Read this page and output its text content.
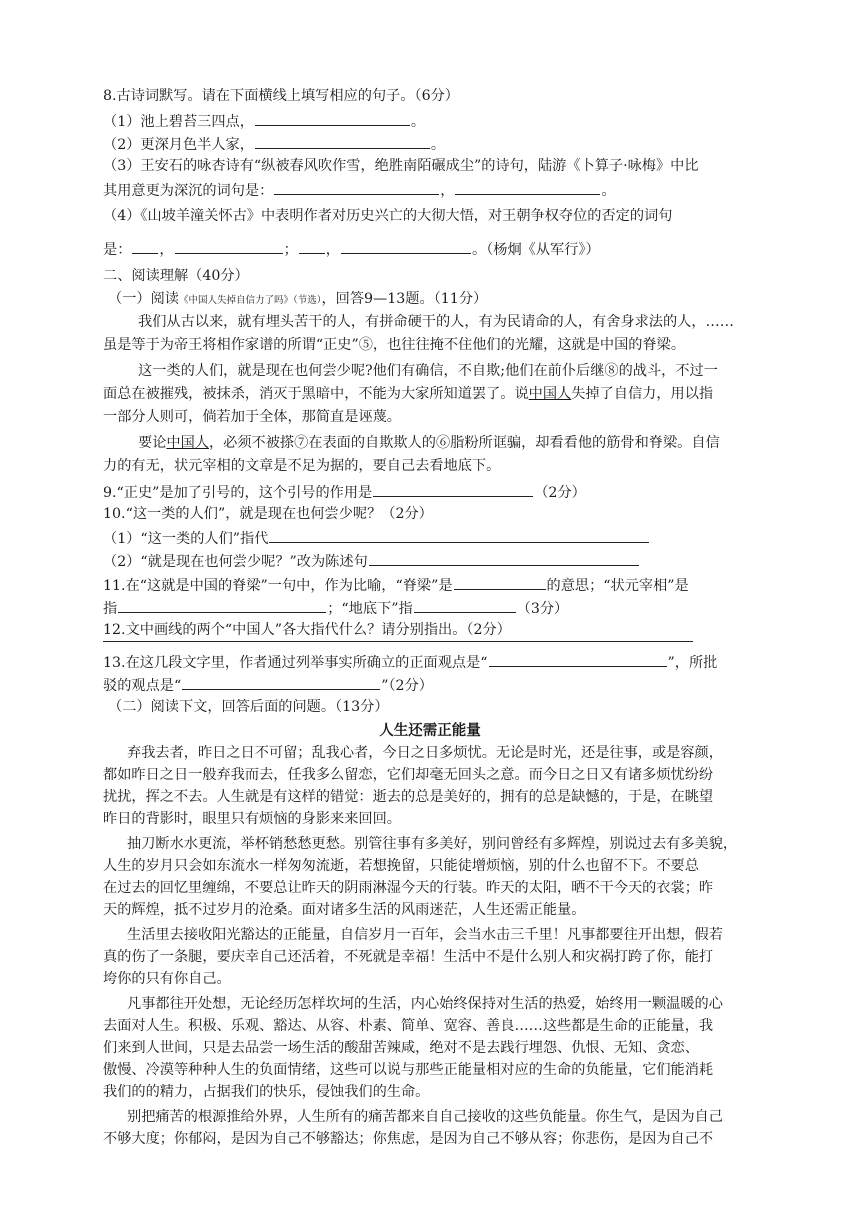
8.古诗词默写。请在下面横线上填写相应的句子。（6分）
（1）池上碧苔三四点，	。
（2）更深月色半人家，	。
（3）王安石的咏杏诗有“纵被春风吹作雪，绝胜南陌碾成尘”的诗句，陆游《卜算子·咏梅》中比
其用意更为深沉的词句是：	，	。
（4）《山坡羊潼关怀古》中表明作者对历史兴亡的大彻大悟，对王朝争权夺位的否定的词句
是： ，	； ，	。（杨炯《从军行》）
二、阅读理解（40分）
（一）阅读《中国人失掉自信力了吗》（节选），回答9—13题。（11分）
我们从古以来，就有埋头苦干的人，有拼命硬干的人，有为民请命的人，有舍身求法的人，……
虽是等于为帝王将相作家谱的所谓“正史”⑤，也往往掩不住他们的光耀，这就是中国的脊梁。
这一类的人们，就是现在也何尝少呢?他们有确信，不自欺;他们在前仆后继⑧的战斗，不过一
面总在被摧残，被抹杀，消灭于黑暗中，不能为大家所知道罢了。说中国人失掉了自信力，用以指
一部分人则可，倘若加于全体，那简直是诬蔑。
要论中国人，必须不被搽⑦在表面的自欺欺人的⑥脂粉所诓骗，却看看他的筋骨和脊梁。自信
力的有无，状元宰相的文章是不足为据的，要自己去看地底下。
9.“正史”是加了引号的，这个引号的作用是	（2分）
10.“这一类的人们”，就是现在也何尝少呢？（2分）
（1）“这一类的人们”指代
（2）“就是现在也何尝少呢？”改为陈述句
11.在“这就是中国的脊梁”一句中，作为比喻，“脊梁”是	的意思；“状元宰相”是
指	；“地底下”指	（3分）
12.文中画线的两个“中国人”各大指代什么？请分别指出。（2分）
13.在这几段文字里，作者通过列举事实所确立的正面观点是“	”，所批
驳的观点是“	”（2分）
（二）阅读下文，回答后面的问题。（13分）
人生还需正能量
弃我去者，昨日之日不可留；乱我心者，今日之日多烦忧。无论是时光，还是往事，或是容颜，
都如昨日之日一般弃我而去，任我多么留恋，它们却毫无回头之意。而今日之日又有诸多烦忧纷纷
扰扰，挥之不去。人生就是有这样的错觉：逝去的总是美好的，拥有的总是缺憾的，于是，在眺望
昨日的背影时，眼里只有烦恼的身影来来回回。
抽刀断水水更流，举杯销愁愁更愁。别管往事有多美好，别问曾经有多辉煌，别说过去有多美貌，
人生的岁月只会如东流水一样匆匆流逝，若想挽留，只能徒增烦恼，别的什么也留不下。不要总
在过去的回忆里缠绵，不要总让昨天的阴雨淋湿今天的行装。昨天的太阳，晒不干今天的衣裳；昨
天的辉煌，抵不过岁月的沧桑。面对诸多生活的风雨迷茫，人生还需正能量。
生活里去接收阳光豁达的正能量，自信岁月一百年，会当水击三千里！凡事都要往开出想，假若
真的伤了一条腿，要庆幸自己还活着，不死就是幸福！生活中不是什么别人和灾祸打跨了你，能打
垮你的只有你自己。
凡事都往开处想，无论经历怎样坎坷的生活，内心始终保持对生活的热爱，始终用一颗温暖的心
去面对人生。积极、乐观、豁达、从容、朴素、简单、宽容、善良……这些都是生命的正能量，我
们来到人世间，只是去品尝一场生活的酸甜苦辣咸，绝对不是去践行埋怨、仇恨、无知、贪恋、
傲慢、冷漠等种种人生的负面情绪，这些可以说与那些正能量相对应的生命的负能量，它们能消耗
我们的的精力，占据我们的快乐，侵蚀我们的生命。
别把痛苦的根源推给外界，人生所有的痛苦都来自自己接收的这些负能量。你生气，是因为自己
不够大度；你郁闷，是因为自己不够豁达；你焦虑，是因为自己不够从容；你悲伤，是因为自己不
